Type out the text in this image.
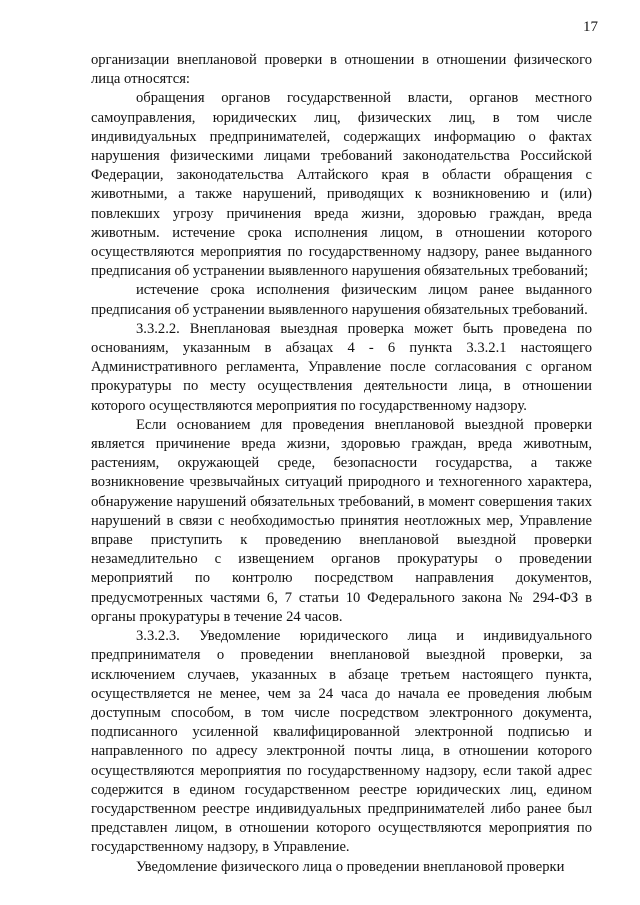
17

организации внеплановой проверки в отношении в отношении физического лица относятся:

обращения органов государственной власти, органов местного самоуправления, юридических лиц, физических лиц, в том числе индивидуальных предпринимателей, содержащих информацию о фактах нарушения физическими лицами требований законодательства Российской Федерации, законодательства Алтайского края в области обращения с животными, а также нарушений, приводящих к возникновению и (или) повлекших угрозу причинения вреда жизни, здоровью граждан, вреда животным. истечение срока исполнения лицом, в отношении которого осуществляются мероприятия по государственному надзору, ранее выданного предписания об устранении выявленного нарушения обязательных требований;

истечение срока исполнения физическим лицом ранее выданного предписания об устранении выявленного нарушения обязательных требований.

3.3.2.2. Внеплановая выездная проверка может быть проведена по основаниям, указанным в абзацах 4 - 6 пункта 3.3.2.1 настоящего Административного регламента, Управление после согласования с органом прокуратуры по месту осуществления деятельности лица, в отношении которого осуществляются мероприятия по государственному надзору.

Если основанием для проведения внеплановой выездной проверки является причинение вреда жизни, здоровью граждан, вреда животным, растениям, окружающей среде, безопасности государства, а также возникновение чрезвычайных ситуаций природного и техногенного характера, обнаружение нарушений обязательных требований, в момент совершения таких нарушений в связи с необходимостью принятия неотложных мер, Управление вправе приступить к проведению внеплановой выездной проверки незамедлительно с извещением органов прокуратуры о проведении мероприятий по контролю посредством направления документов, предусмотренных частями 6, 7 статьи 10 Федерального закона № 294-ФЗ в органы прокуратуры в течение 24 часов.

3.3.2.3. Уведомление юридического лица и индивидуального предпринимателя о проведении внеплановой выездной проверки, за исключением случаев, указанных в абзаце третьем настоящего пункта, осуществляется не менее, чем за 24 часа до начала ее проведения любым доступным способом, в том числе посредством электронного документа, подписанного усиленной квалифицированной электронной подписью и направленного по адресу электронной почты лица, в отношении которого осуществляются мероприятия по государственному надзору, если такой адрес содержится в едином государственном реестре юридических лиц, едином государственном реестре индивидуальных предпринимателей либо ранее был представлен лицом, в отношении которого осуществляются мероприятия по государственному надзору, в Управление.

Уведомление физического лица о проведении внеплановой проверки
